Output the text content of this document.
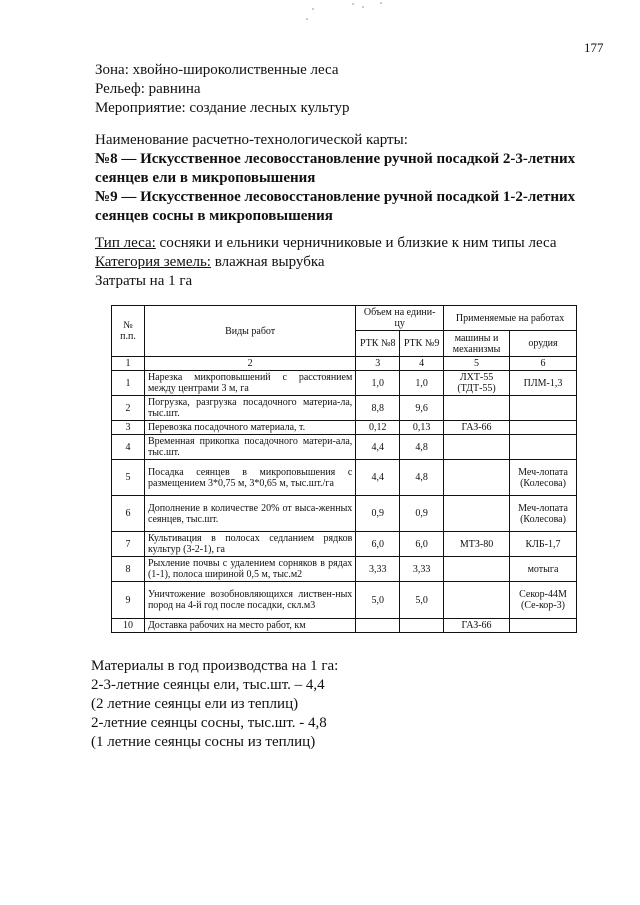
177

Зона: хвойно-широколиственные леса

Рельеф: равнина

Мероприятие: создание лесных культур

Наименование расчетно-технологической карты:

№8 — Искусственное лесовосстановление ручной посадкой 2-3-летних сеянцев ели в микроповышения

№9 — Искусственное лесовосстановление ручной посадкой 1-2-летних сеянцев сосны в микроповышения

Тип леса: сосняки и ельники черничниковые и близкие к ним типы леса

Категория земель: влажная вырубка

Затраты на 1 га

№ п.п.	Виды работ	Объем на едини-цу		Применяемые на работах	
		РТК №8	РТК №9	машины и механизмы	орудия
1	2	3	4	5	6
1	Нарезка микроповышений с расстоянием между центрами 3 м, га	1,0	1,0	ЛХТ-55 (ТДТ-55)	ПЛМ-1,3
2	Погрузка, разгрузка посадочного материа-ла, тыс.шт.	8,8	9,6		
3	Перевозка посадочного материала, т.	0,12	0,13	ГАЗ-66	
4	Временная прикопка посадочного матери-ала, тыс.шт.	4,4	4,8		
5	Посадка сеянцев в микроповышения с размещением 3*0,75 м, 3*0,65 м, тыс.шт./га	4,4	4,8		Меч-лопата (Колесова)
6	Дополнение в количестве 20% от выса-женных сеянцев, тыс.шт.	0,9	0,9		Меч-лопата (Колесова)
7	Культивация в полосах седланием рядков культур (3-2-1), га	6,0	6,0	МТЗ-80	КЛБ-1,7
8	Рыхление почвы с удалением сорняков в рядах (1-1), полоса шириной 0,5 м, тыс.м2	3,33	3,33		мотыга
9	Уничтожение возобновляющихся листвен-ных пород на 4-й год после посадки, скл.м3	5,0	5,0		Секор-44М (Се-кор-3)
10	Доставка рабочих на место работ, км			ГАЗ-66	

Материалы в год производства на 1 га:

2-3-летние сеянцы ели, тыс.шт. – 4,4

(2 летние сеянцы ели из теплиц)

2-летние сеянцы сосны, тыс.шт. - 4,8

(1 летние сеянцы сосны из теплиц)
